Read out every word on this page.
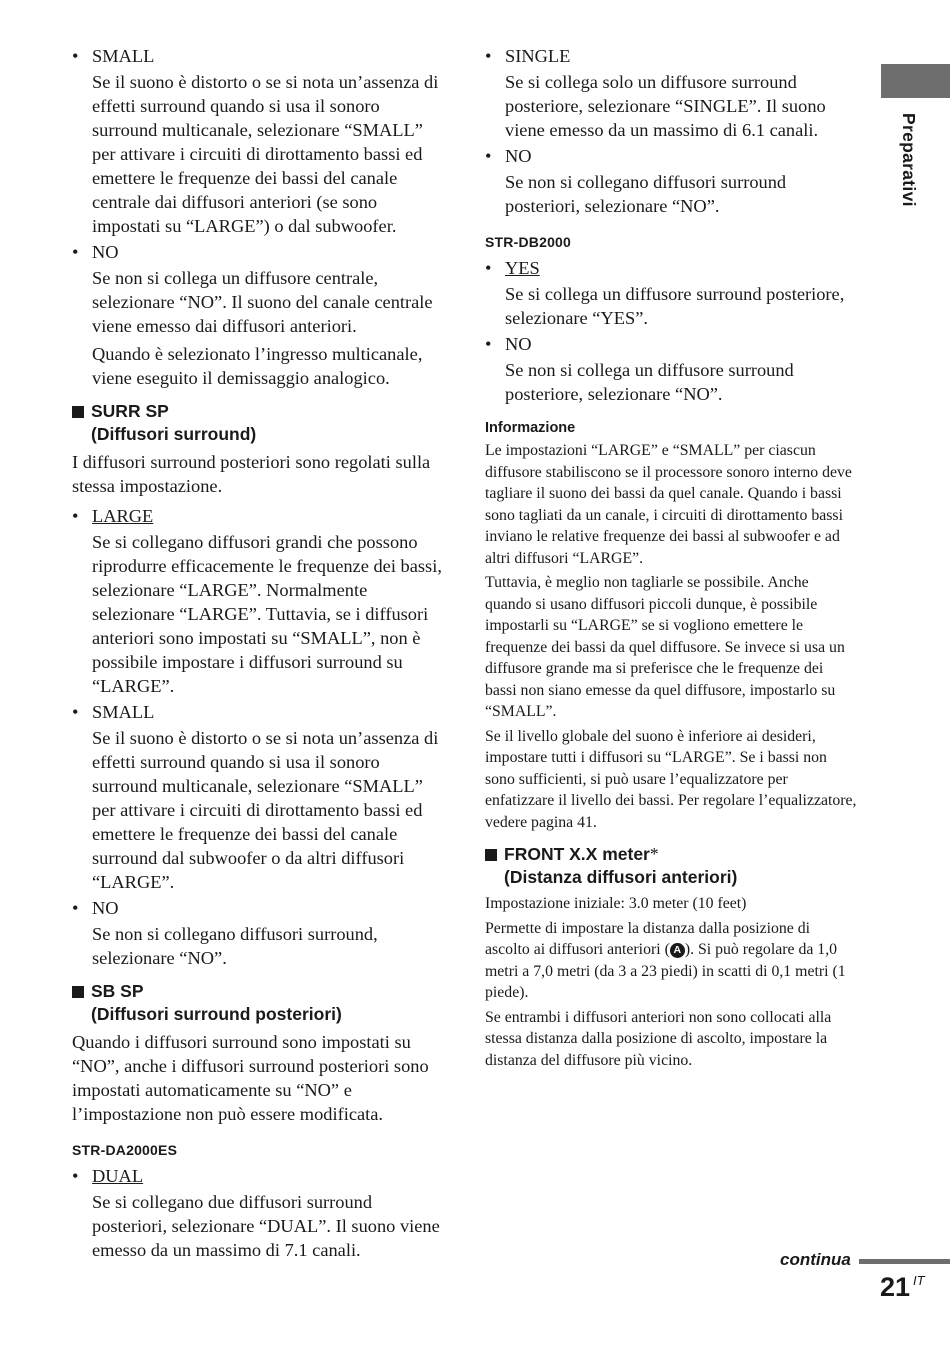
Preparativi
• SMALL
Se il suono è distorto o se si nota un’assenza di effetti surround quando si usa il sonoro surround multicanale, selezionare “SMALL” per attivare i circuiti di dirottamento bassi ed emettere le frequenze dei bassi del canale centrale dai diffusori anteriori (se sono impostati su “LARGE”) o dal subwoofer.
• NO
Se non si collega un diffusore centrale, selezionare “NO”. Il suono del canale centrale viene emesso dai diffusori anteriori.
Quando è selezionato l’ingresso multicanale, viene eseguito il demissaggio analogico.
SURR SP
(Diffusori surround)
I diffusori surround posteriori sono regolati sulla stessa impostazione.
• LARGE
Se si collegano diffusori grandi che possono riprodurre efficacemente le frequenze dei bassi, selezionare “LARGE”. Normalmente selezionare “LARGE”. Tuttavia, se i diffusori anteriori sono impostati su “SMALL”, non è possibile impostare i diffusori surround su “LARGE”.
• SMALL
Se il suono è distorto o se si nota un’assenza di effetti surround quando si usa il sonoro surround multicanale, selezionare “SMALL” per attivare i circuiti di dirottamento bassi ed emettere le frequenze dei bassi del canale surround dal subwoofer o da altri diffusori “LARGE”.
• NO
Se non si collegano diffusori surround, selezionare “NO”.
SB SP
(Diffusori surround posteriori)
Quando i diffusori surround sono impostati su “NO”, anche i diffusori surround posteriori sono impostati automaticamente su “NO” e l’impostazione non può essere modificata.
STR-DA2000ES
• DUAL
Se si collegano due diffusori surround posteriori, selezionare “DUAL”. Il suono viene emesso da un massimo di 7.1 canali.
• SINGLE
Se si collega solo un diffusore surround posteriore, selezionare “SINGLE”. Il suono viene emesso da un massimo di 6.1 canali.
• NO
Se non si collegano diffusori surround posteriori, selezionare “NO”.
STR-DB2000
• YES
Se si collega un diffusore surround posteriore, selezionare “YES”.
• NO
Se non si collega un diffusore surround posteriore, selezionare “NO”.
Informazione
Le impostazioni “LARGE” e “SMALL” per ciascun diffusore stabiliscono se il processore sonoro interno deve tagliare il suono dei bassi da quel canale. Quando i bassi sono tagliati da un canale, i circuiti di dirottamento bassi inviano le relative frequenze dei bassi al subwoofer e ad altri diffusori “LARGE”.
Tuttavia, è meglio non tagliarle se possibile. Anche quando si usano diffusori piccoli dunque, è possibile impostarli su “LARGE” se si vogliono emettere le frequenze dei bassi da quel diffusore. Se invece si usa un diffusore grande ma si preferisce che le frequenze dei bassi non siano emesse da quel diffusore, impostarlo su “SMALL”.
Se il livello globale del suono è inferiore ai desideri, impostare tutti i diffusori su “LARGE”. Se i bassi non sono sufficienti, si può usare l’equalizzatore per enfatizzare il livello dei bassi. Per regolare l’equalizzatore, vedere pagina 41.
FRONT X.X meter*
(Distanza diffusori anteriori)
Impostazione iniziale: 3.0 meter (10 feet)
Permette di impostare la distanza dalla posizione di ascolto ai diffusori anteriori ( A ). Si può regolare da 1,0 metri a 7,0 metri (da 3 a 23 piedi) in scatti di 0,1 metri (1 piede).
Se entrambi i diffusori anteriori non sono collocati alla stessa distanza dalla posizione di ascolto, impostare la distanza del diffusore più vicino.
continua
21 IT
